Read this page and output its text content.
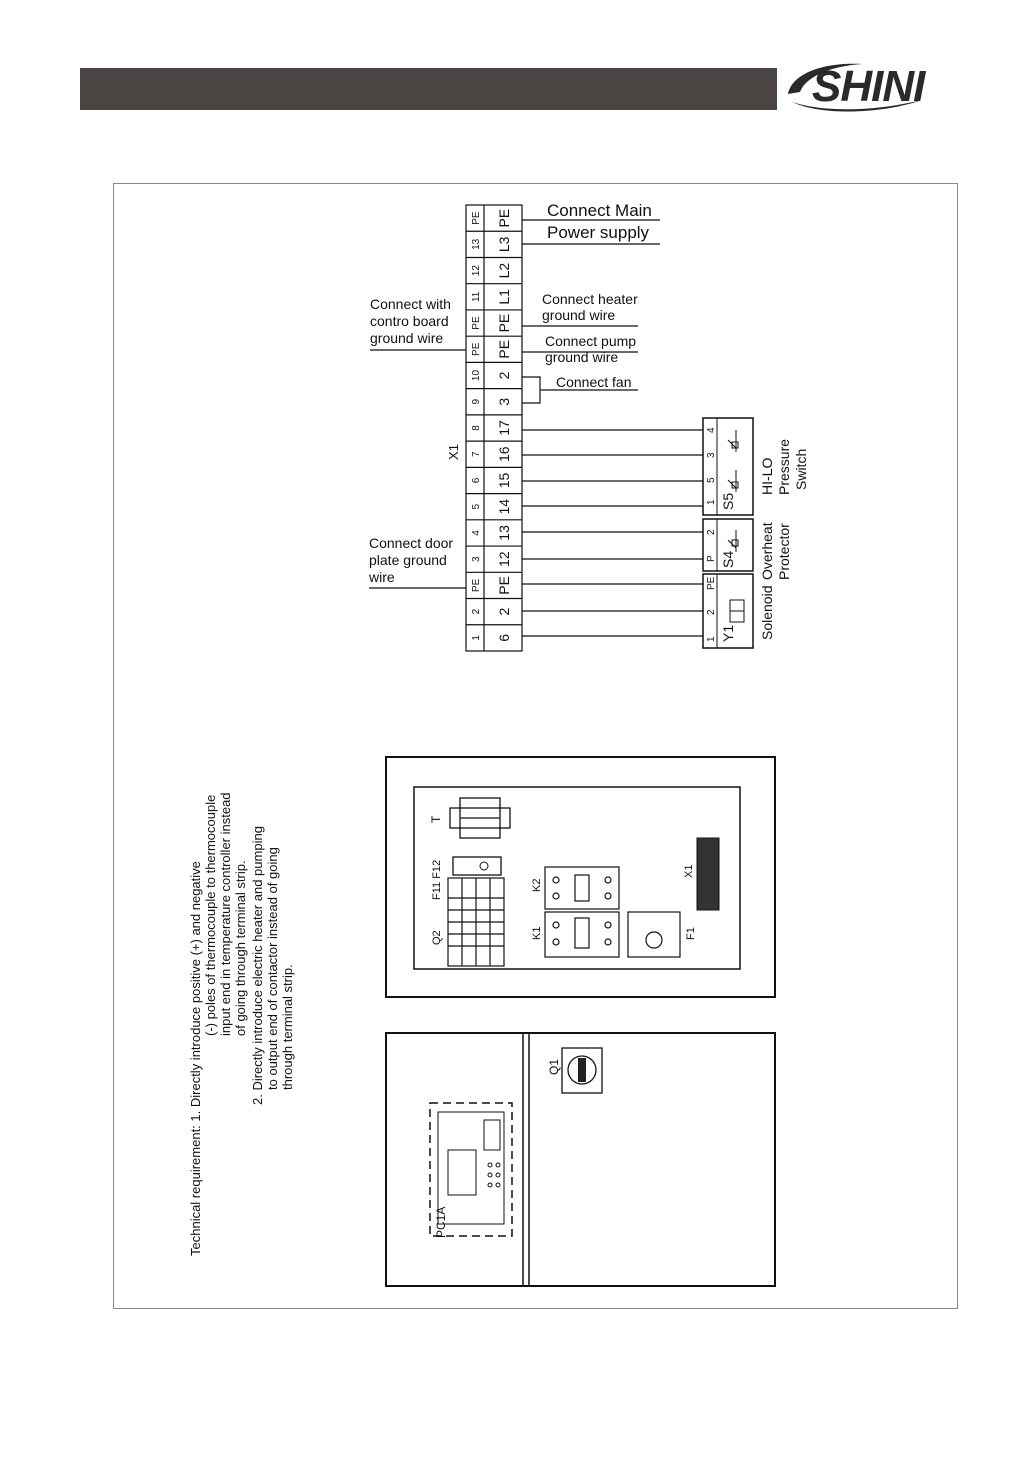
SHINI
X1
Connect Main
Power supply
Connect with
contro board
ground wire
Connect heater
ground wire
Connect pump
ground wire
Connect fan
Connect door
plate ground
wire
S5
1
5
3
4
HI-LO Pressure Switch
S4
P
2	Overheat Protector
Y1
1
2
PE
Solenoid
T
F11 F12
Q2
K2
K1	F1
X1
PC1A
Q1
Technical requirement: 1. Directly introduce positive (+) and negative (-) poles of thermocouple to thermocouple input end in temperature controller instead of going through terminal strip. 2. Directly introduce electric heater and pumping to output end of contactor instead of going through terminal strip.
PE PE
13 L3
12 L2
11 L1
PE PE
PE PE
10 2
9 3
8 17
7 16
6 15
5 14
4 13
3 12
PE PE
2 2
1 6
